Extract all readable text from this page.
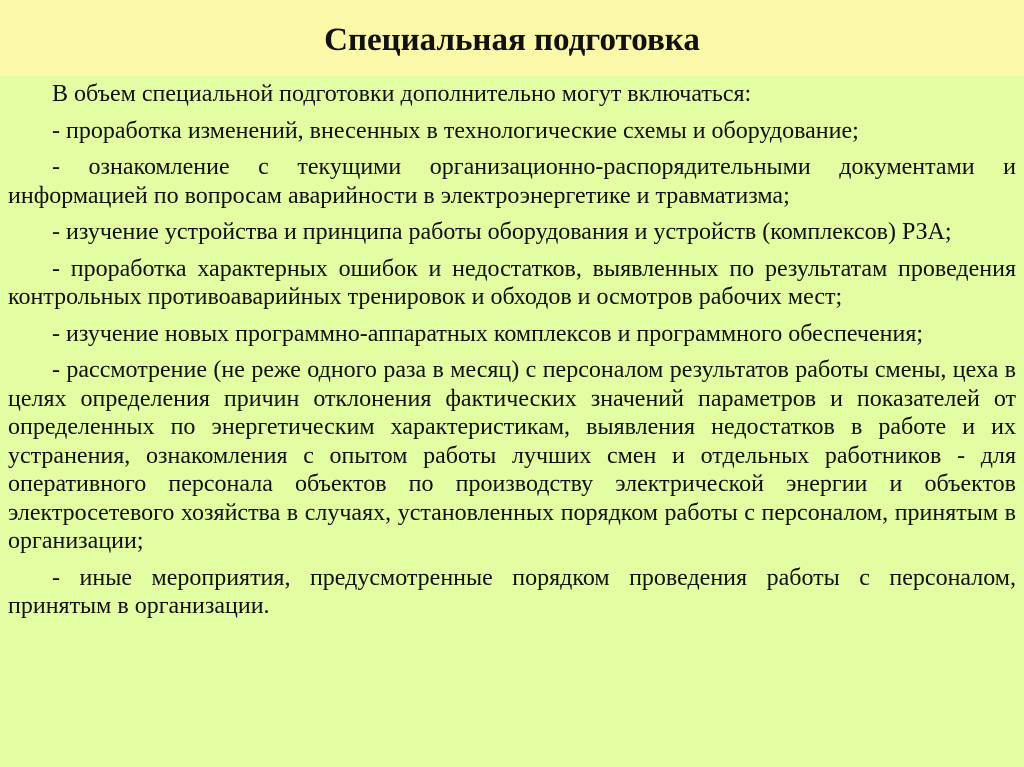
Специальная подготовка

В объем специальной подготовки дополнительно могут включаться:

- проработка изменений, внесенных в технологические схемы и оборудование;

- ознакомление с текущими организационно-распорядительными документами и информацией по вопросам аварийности в электроэнергетике и травматизма;

- изучение устройства и принципа работы оборудования и устройств (комплексов) РЗА;

- проработка характерных ошибок и недостатков, выявленных по результатам проведения контрольных противоаварийных тренировок и обходов и осмотров рабочих мест;

- изучение новых программно-аппаратных комплексов и программного обеспечения;

- рассмотрение (не реже одного раза в месяц) с персоналом результатов работы смены, цеха в целях определения причин отклонения фактических значений параметров и показателей от определенных по энергетическим характеристикам, выявления недостатков в работе и их устранения, ознакомления с опытом работы лучших смен и отдельных работников - для оперативного персонала объектов по производству электрической энергии и объектов электросетевого хозяйства в случаях, установленных порядком работы с персоналом, принятым в организации;

- иные мероприятия, предусмотренные порядком проведения работы с персоналом, принятым в организации.
